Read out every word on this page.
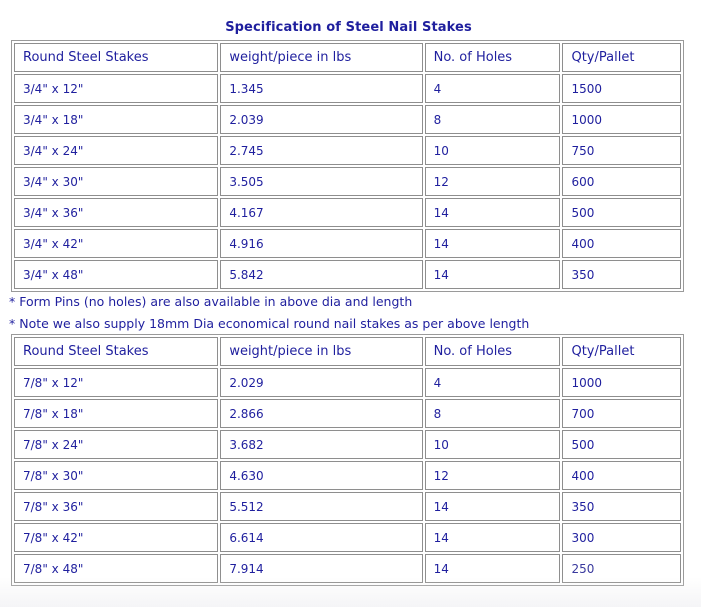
Specification of Steel Nail Stakes
Round Steel Stakes	weight/piece in lbs	No. of Holes	Qty/Pallet
3/4" x 12"	1.345	4	1500
3/4" x 18"	2.039	8	1000
3/4" x 24"	2.745	10	750
3/4" x 30"	3.505	12	600
3/4" x 36"	4.167	14	500
3/4" x 42"	4.916	14	400
3/4" x 48"	5.842	14	350
* Form Pins (no holes) are also available in above dia and length
* Note we also supply 18mm Dia economical round nail stakes as per above length
Round Steel Stakes	weight/piece in lbs	No. of Holes	Qty/Pallet
7/8" x 12"	2.029	4	1000
7/8" x 18"	2.866	8	700
7/8" x 24"	3.682	10	500
7/8" x 30"	4.630	12	400
7/8" x 36"	5.512	14	350
7/8" x 42"	6.614	14	300
7/8" x 48"	7.914	14	250
